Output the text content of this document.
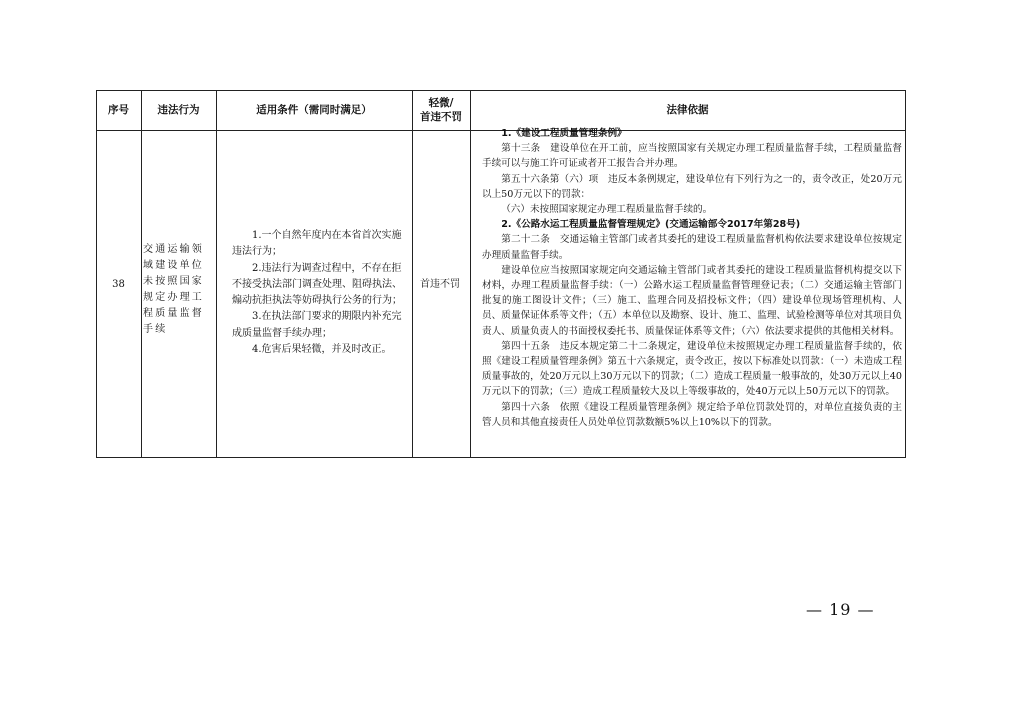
序号	违法行为	适用条件（需同时满足）
轻微/
首违不罚
法律依据
38
交通运输领域建设单位未按照国家规定办理工程质量监督手续

1.一个自然年度内在本省首次实施违法行为；

2.违法行为调查过程中，不存在拒不接受执法部门调查处理、阻碍执法、煽动抗拒执法等妨碍执行公务的行为；

3.在执法部门要求的期限内补充完成质量监督手续办理；

4.危害后果轻微，并及时改正。

首违不罚

1.《建设工程质量管理条例》

第十三条　建设单位在开工前，应当按照国家有关规定办理工程质量监督手续，工程质量监督手续可以与施工许可证或者开工报告合并办理。

第五十六条第（六）项　违反本条例规定，建设单位有下列行为之一的，责令改正，处20万元以上50万元以下的罚款：

（六）未按照国家规定办理工程质量监督手续的。

2.《公路水运工程质量监督管理规定》(交通运输部令2017年第28号)

第二十二条　交通运输主管部门或者其委托的建设工程质量监督机构依法要求建设单位按规定办理质量监督手续。

建设单位应当按照国家规定向交通运输主管部门或者其委托的建设工程质量监督机构提交以下材料，办理工程质量监督手续：（一）公路水运工程质量监督管理登记表；（二）交通运输主管部门批复的施工图设计文件；（三）施工、监理合同及招投标文件；（四）建设单位现场管理机构、人员、质量保证体系等文件；（五）本单位以及勘察、设计、施工、监理、试验检测等单位对其项目负责人、质量负责人的书面授权委托书、质量保证体系等文件；（六）依法要求提供的其他相关材料。

第四十五条　违反本规定第二十二条规定，建设单位未按照规定办理工程质量监督手续的，依照《建设工程质量管理条例》第五十六条规定，责令改正，按以下标准处以罚款：（一）未造成工程质量事故的，处20万元以上30万元以下的罚款；（二）造成工程质量一般事故的，处30万元以上40万元以下的罚款；（三）造成工程质量较大及以上等级事故的，处40万元以上50万元以下的罚款。

第四十六条　依照《建设工程质量管理条例》规定给予单位罚款处罚的，对单位直接负责的主管人员和其他直接责任人员处单位罚款数额5%以上10%以下的罚款。

— 19 —
